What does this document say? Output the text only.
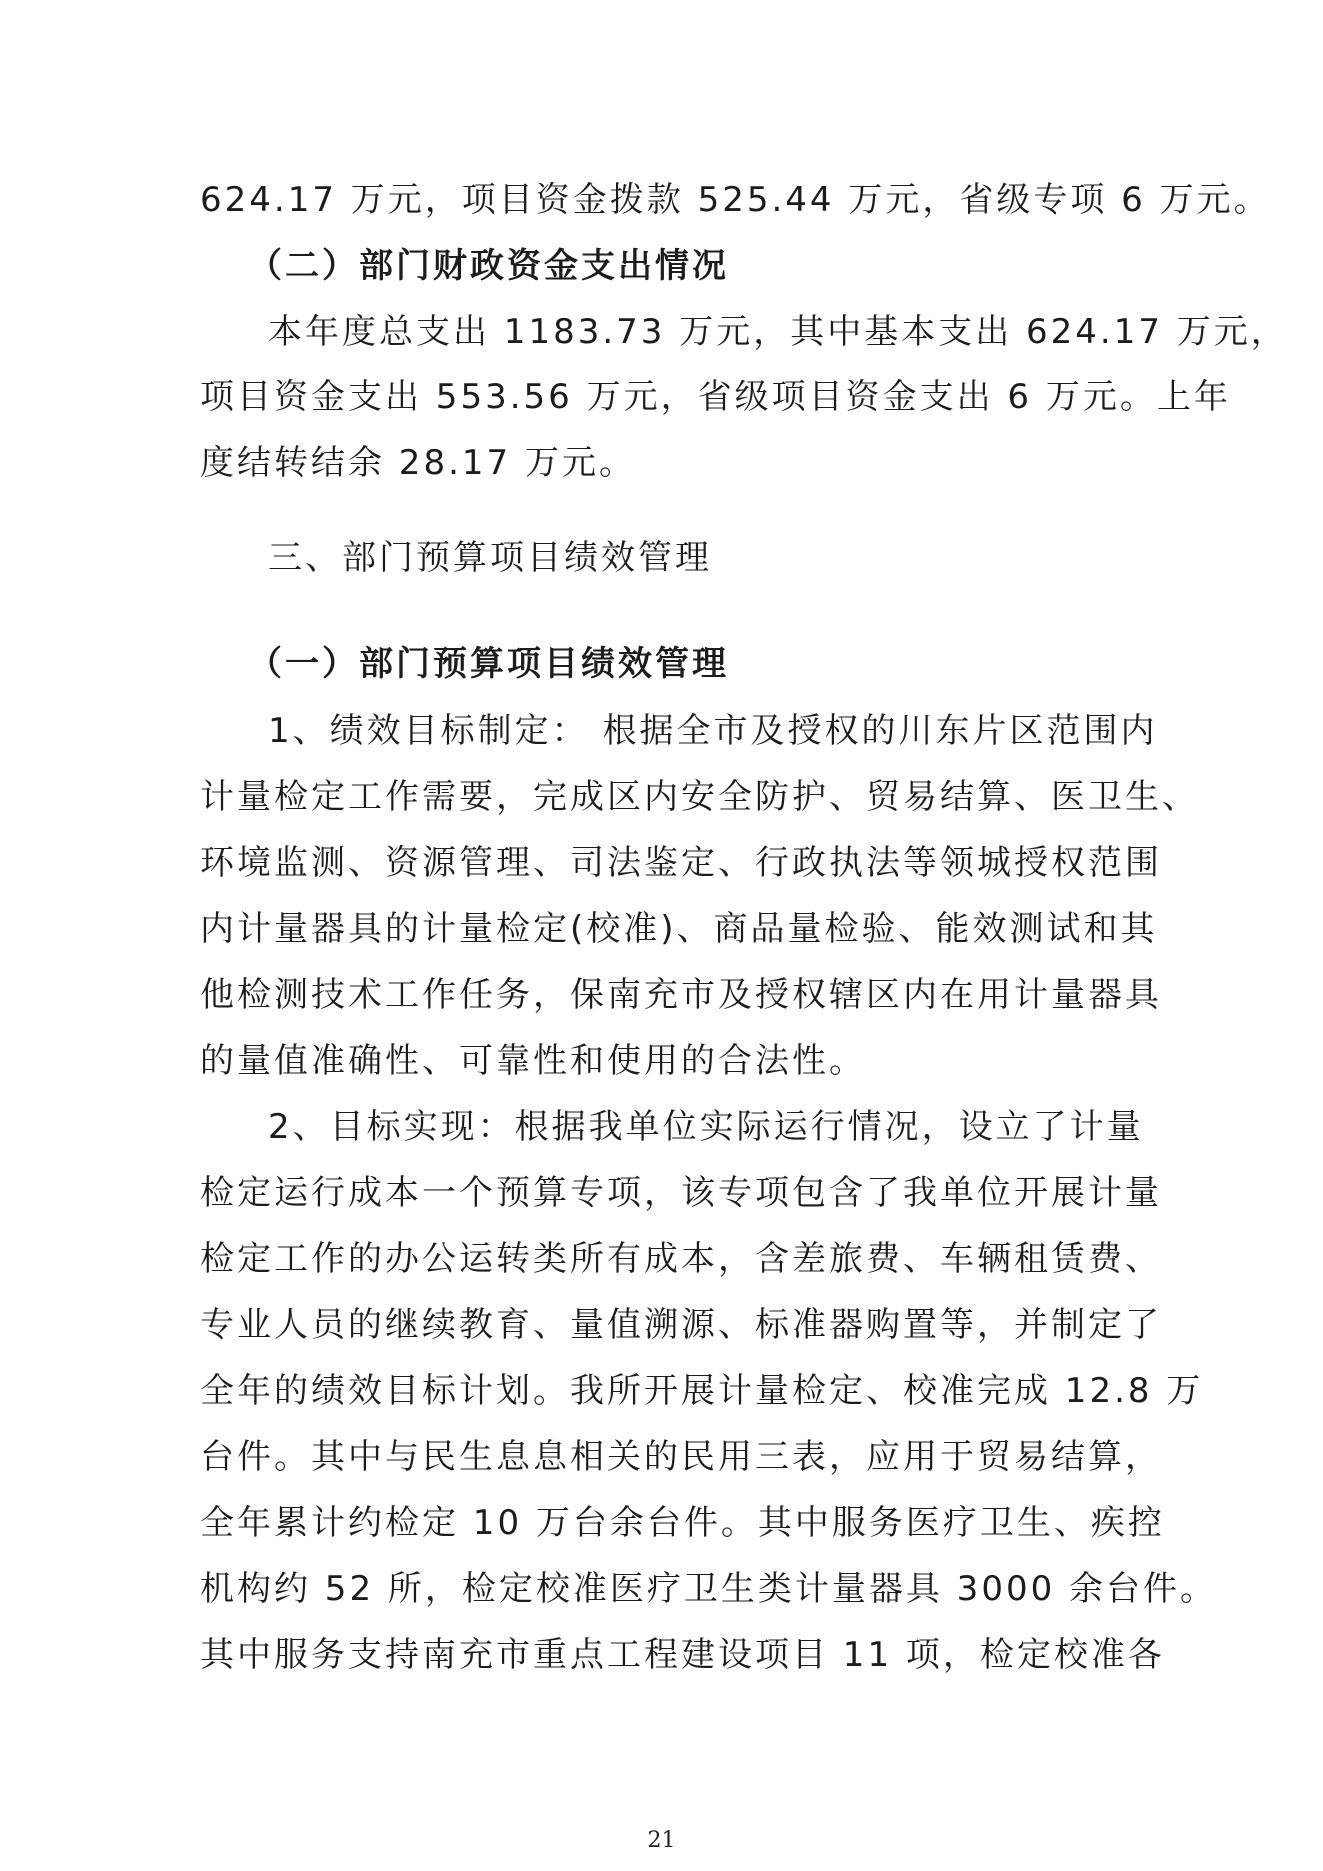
624.17 万元，项目资金拨款 525.44 万元，省级专项 6 万元。
（二）部门财政资金支出情况
本年度总支出 1183.73 万元，其中基本支出 624.17 万元，
项目资金支出 553.56 万元，省级项目资金支出 6 万元。上年
度结转结余 28.17 万元。
三、部门预算项目绩效管理
（一）部门预算项目绩效管理
1、绩效目标制定： 根据全市及授权的川东片区范围内
计量检定工作需要，完成区内安全防护、贸易结算、医卫生、
环境监测、资源管理、司法鉴定、行政执法等领城授权范围
内计量器具的计量检定(校准)、商品量检验、能效测试和其
他检测技术工作任务，保南充市及授权辖区内在用计量器具
的量值准确性、可靠性和使用的合法性。
2、目标实现：根据我单位实际运行情况，设立了计量
检定运行成本一个预算专项，该专项包含了我单位开展计量
检定工作的办公运转类所有成本，含差旅费、车辆租赁费、
专业人员的继续教育、量值溯源、标准器购置等，并制定了
全年的绩效目标计划。我所开展计量检定、校准完成 12.8 万
台件。其中与民生息息相关的民用三表，应用于贸易结算，
全年累计约检定 10 万台余台件。其中服务医疗卫生、疾控
机构约 52 所，检定校准医疗卫生类计量器具 3000 余台件。
其中服务支持南充市重点工程建设项目 11 项，检定校准各
21
